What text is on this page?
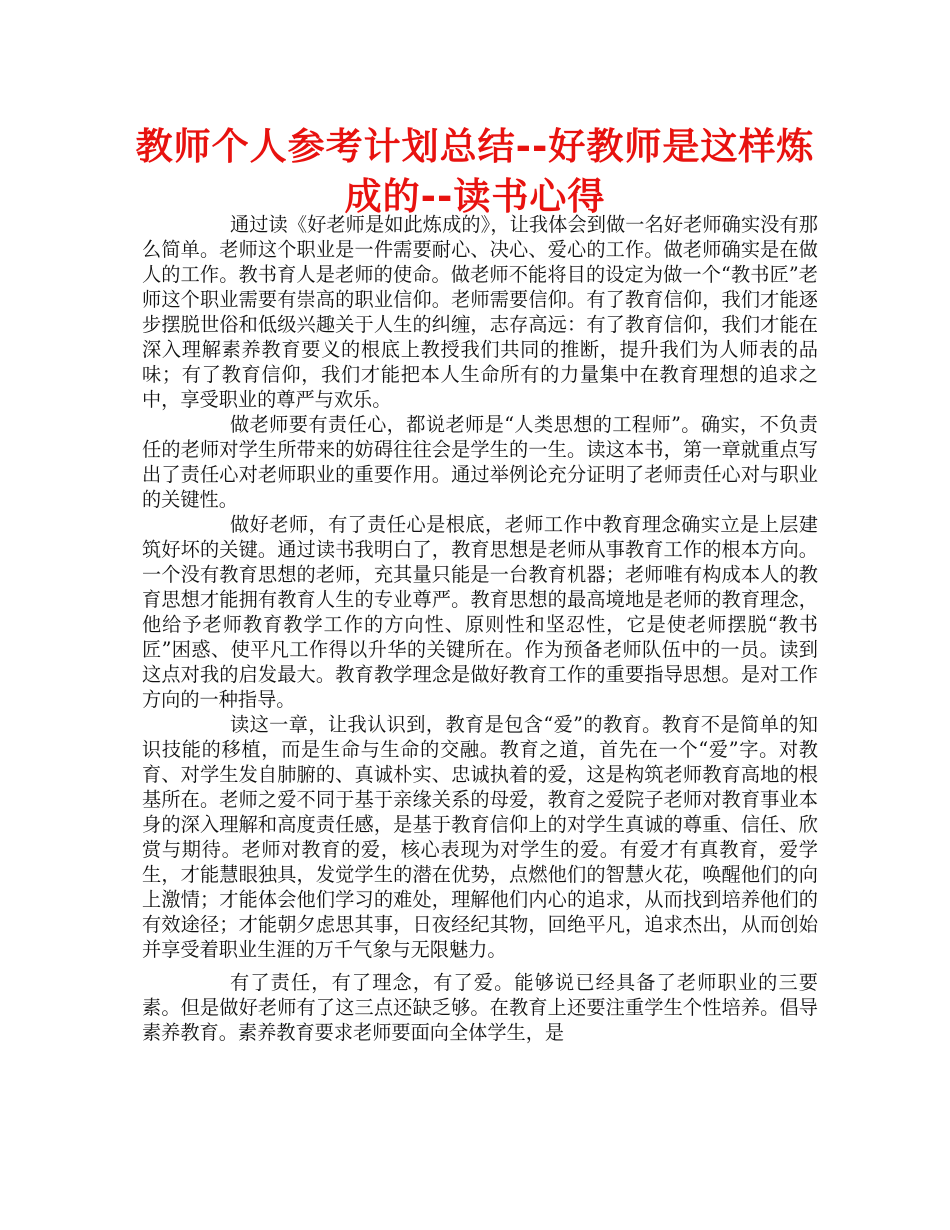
教师个人参考计划总结--好教师是这样炼成的--读书心得

通过读《好老师是如此炼成的》，让我体会到做一名好老师确实没有那么简单。老师这个职业是一件需要耐心、决心、爱心的工作。做老师确实是在做人的工作。教书育人是老师的使命。做老师不能将目的设定为做一个“教书匠”老师这个职业需要有崇高的职业信仰。老师需要信仰。有了教育信仰，我们才能逐步摆脱世俗和低级兴趣关于人生的纠缠，志存高远：有了教育信仰，我们才能在深入理解素养教育要义的根底上教授我们共同的推断，提升我们为人师表的品味；有了教育信仰，我们才能把本人生命所有的力量集中在教育理想的追求之中，享受职业的尊严与欢乐。

做老师要有责任心，都说老师是“人类思想的工程师”。确实，不负责任的老师对学生所带来的妨碍往往会是学生的一生。读这本书，第一章就重点写出了责任心对老师职业的重要作用。通过举例论充分证明了老师责任心对与职业的关键性。

做好老师，有了责任心是根底，老师工作中教育理念确实立是上层建筑好坏的关键。通过读书我明白了，教育思想是老师从事教育工作的根本方向。一个没有教育思想的老师，充其量只能是一台教育机器；老师唯有构成本人的教育思想才能拥有教育人生的专业尊严。教育思想的最高境地是老师的教育理念，他给予老师教育教学工作的方向性、原则性和坚忍性，它是使老师摆脱“教书匠”困惑、使平凡工作得以升华的关键所在。作为预备老师队伍中的一员。读到这点对我的启发最大。教育教学理念是做好教育工作的重要指导思想。是对工作方向的一种指导。

读这一章，让我认识到，教育是包含“爱”的教育。教育不是简单的知识技能的移植，而是生命与生命的交融。教育之道，首先在一个“爱”字。对教育、对学生发自肺腑的、真诚朴实、忠诚执着的爱，这是构筑老师教育高地的根基所在。老师之爱不同于基于亲缘关系的母爱，教育之爱院子老师对教育事业本身的深入理解和高度责任感，是基于教育信仰上的对学生真诚的尊重、信任、欣赏与期待。老师对教育的爱，核心表现为对学生的爱。有爱才有真教育，爱学生，才能慧眼独具，发觉学生的潜在优势，点燃他们的智慧火花，唤醒他们的向上激情；才能体会他们学习的难处，理解他们内心的追求，从而找到培养他们的有效途径；才能朝夕虑思其事，日夜经纪其物，回绝平凡，追求杰出，从而创始并享受着职业生涯的万千气象与无限魅力。

有了责任，有了理念，有了爱。能够说已经具备了老师职业的三要素。但是做好老师有了这三点还缺乏够。在教育上还要注重学生个性培养。倡导素养教育。素养教育要求老师要面向全体学生，是
